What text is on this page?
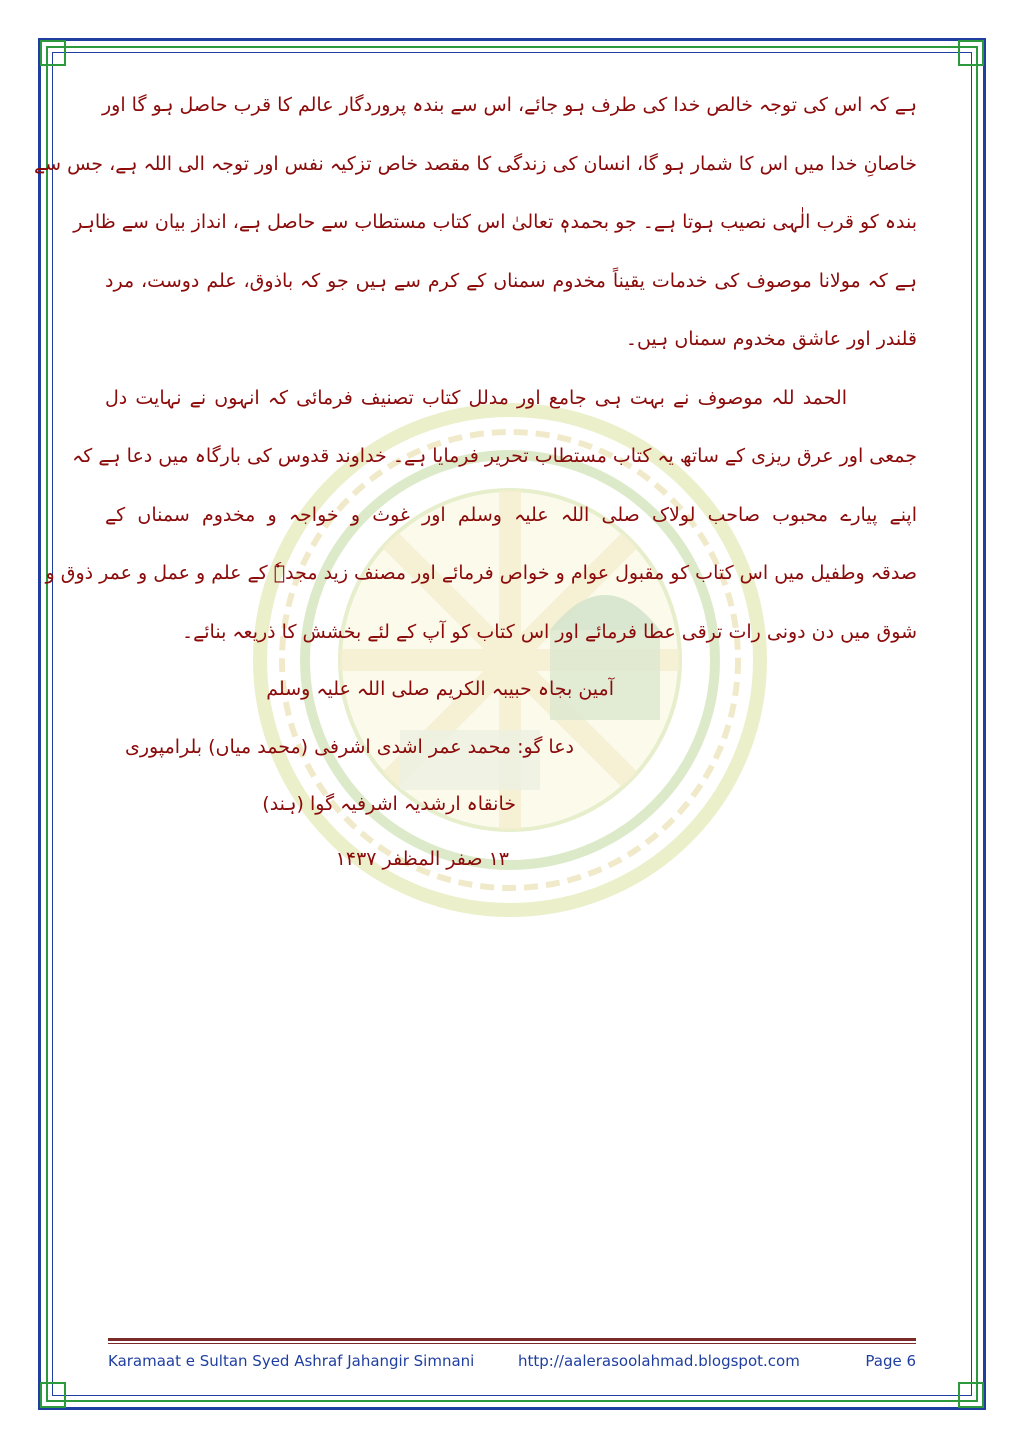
ہے کہ اس کی توجہ خالص خدا کی طرف ہو جائے، اس سے بندہ پروردگار عالم کا قرب حاصل ہو گا اور
خاصانِ خدا میں اس کا شمار ہو گا، انسان کی زندگی کا مقصد خاص تزکیہ نفس اور توجہ الی اللہ ہے، جس سے
بندہ کو قرب الٰہی نصیب ہوتا ہے۔ جو بحمدہٖ تعالیٰ اس کتاب مستطاب سے حاصل ہے، انداز بیان سے ظاہر
ہے کہ مولانا موصوف کی خدمات یقیناً مخدوم سمناں کے کرم سے ہیں جو کہ باذوق، علم دوست، مرد
قلندر اور عاشق مخدوم سمناں ہیں۔
الحمد للہ موصوف نے بہت ہی جامع اور مدلل کتاب تصنیف فرمائی کہ انہوں نے نہایت دل
جمعی اور عرق ریزی کے ساتھ یہ کتاب مستطاب تحریر فرمایا ہے۔ خداوند قدوس کی بارگاہ میں دعا ہے کہ
اپنے پیارے محبوب صاحب لولاک صلی اللہ علیہ وسلم اور غوث و خواجہ و مخدوم سمناں کے
صدقہ وطفیل میں اس کتاب کو مقبول عوام و خواص فرمائے اور مصنف زید مجدہٗ کے علم و عمل و عمر ذوق و
شوق میں دن دونی رات ترقی عطا فرمائے اور اس کتاب کو آپ کے لئے بخشش کا ذریعہ بنائے۔
آمین بجاہ حبیبہ الکریم صلی اللہ علیہ وسلم
دعا گو: محمد عمر اشدی اشرفی (محمد میاں) بلرامپوری
خانقاہ ارشدیہ اشرفیہ گوا (ہند)
۱۳ صفر المظفر ۱۴۳۷
Karamaat e Sultan Syed Ashraf Jahangir Simnani	http://aalerasoolahmad.blogspot.com	Page 6
